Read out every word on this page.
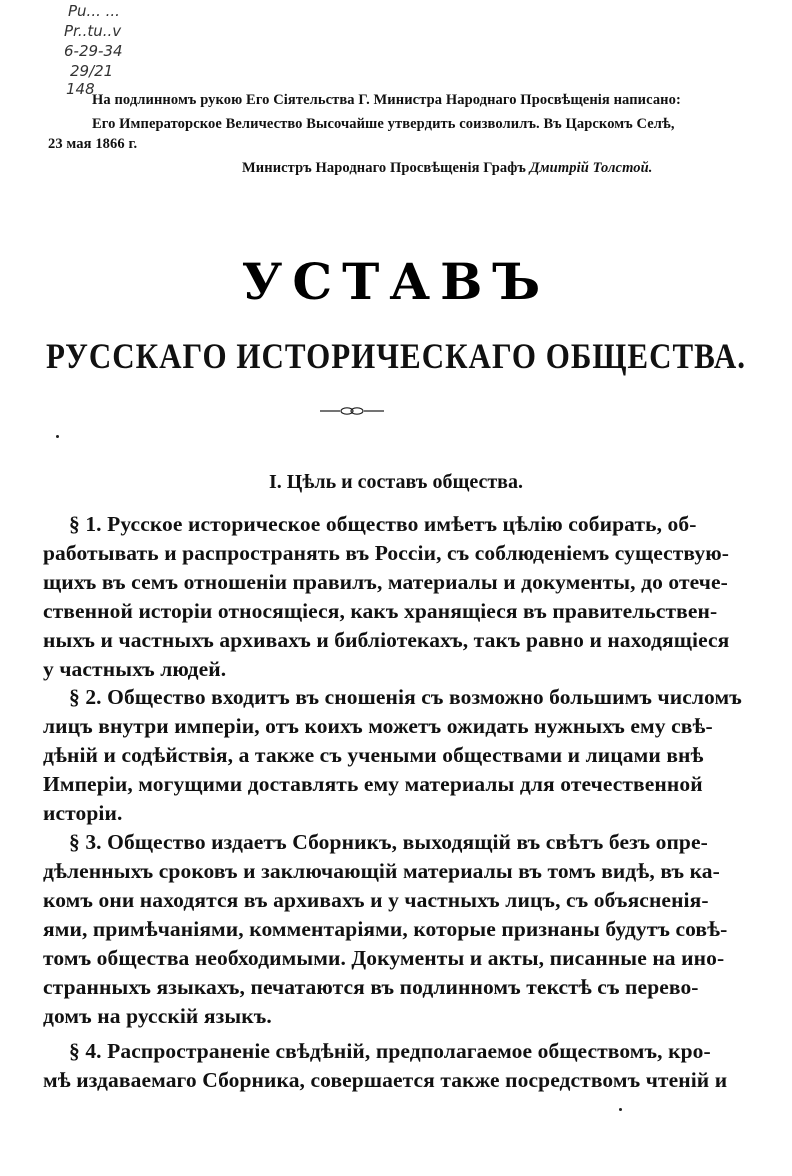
Pu... ...
Pr..tu..v
6-29-34
29/21
148
На подлинномъ рукою Его Сіятельства Г. Министра Народнаго Просвѣщенія написано:
Его Императорское Величество Высочайше утвердить соизволилъ. Въ Царскомъ Селѣ,
23 мая 1866 г.
Министръ Народнаго Просвѣщенія Графъ Дмитрій Толстой.
УСТАВЪ
РУССКАГО ИСТОРИЧЕСКАГО ОБЩЕСТВА.
I. Цѣль и составъ общества.
§ 1. Русское историческое общество имѣетъ цѣлію собирать, об-
работывать и распространять въ Россіи, съ соблюденіемъ существую-
щихъ въ семъ отношеніи правилъ, материалы и документы, до отече-
ственной исторіи относящіеся, какъ хранящіеся въ правительствен-
ныхъ и частныхъ архивахъ и библіотекахъ, такъ равно и находящіеся
у частныхъ людей.
§ 2. Общество входитъ въ сношенія съ возможно большимъ числомъ
лицъ внутри имперіи, отъ коихъ можетъ ожидать нужныхъ ему свѣ-
дѣній и содѣйствія, а также съ учеными обществами и лицами внѣ
Имперіи, могущими доставлять ему материалы для отечественной
исторіи.
§ 3. Общество издаетъ Сборникъ, выходящій въ свѣтъ безъ опре-
дѣленныхъ сроковъ и заключающій материалы въ томъ видѣ, въ ка-
комъ они находятся въ архивахъ и у частныхъ лицъ, съ объясненія-
ями, примѣчаніями, комментаріями, которые признаны будутъ совѣ-
томъ общества необходимыми. Документы и акты, писанные на ино-
странныхъ языкахъ, печатаются въ подлинномъ текстѣ съ перево-
домъ на русскій языкъ.
§ 4. Распространеніе свѣдѣній, предполагаемое обществомъ, кро-
мѣ издаваемаго Сборника, совершается также посредствомъ чтеній и
